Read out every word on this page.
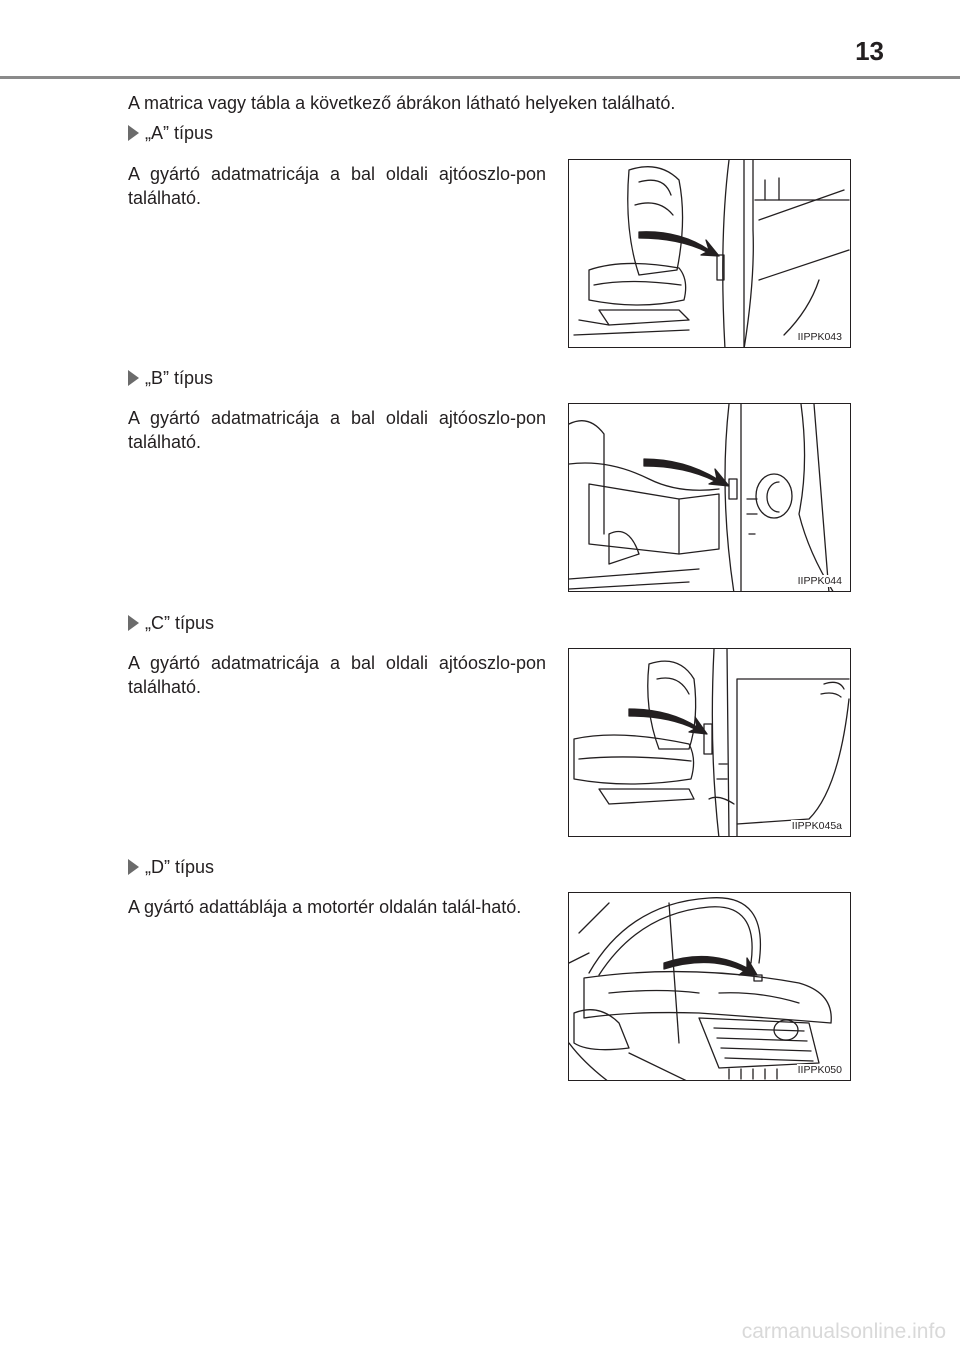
13
A matrica vagy tábla a következő ábrákon látható helyeken található.
„A” típus
A gyártó adatmatricája a bal oldali ajtóoszlo-pon található.
IIPPK043
„B” típus
A gyártó adatmatricája a bal oldali ajtóoszlo-pon található.
IIPPK044
„C” típus
A gyártó adatmatricája a bal oldali ajtóoszlo-pon található.
IIPPK045a
„D” típus
A gyártó adattáblája a motortér oldalán talál-ható.
IIPPK050
carmanualsonline.info
